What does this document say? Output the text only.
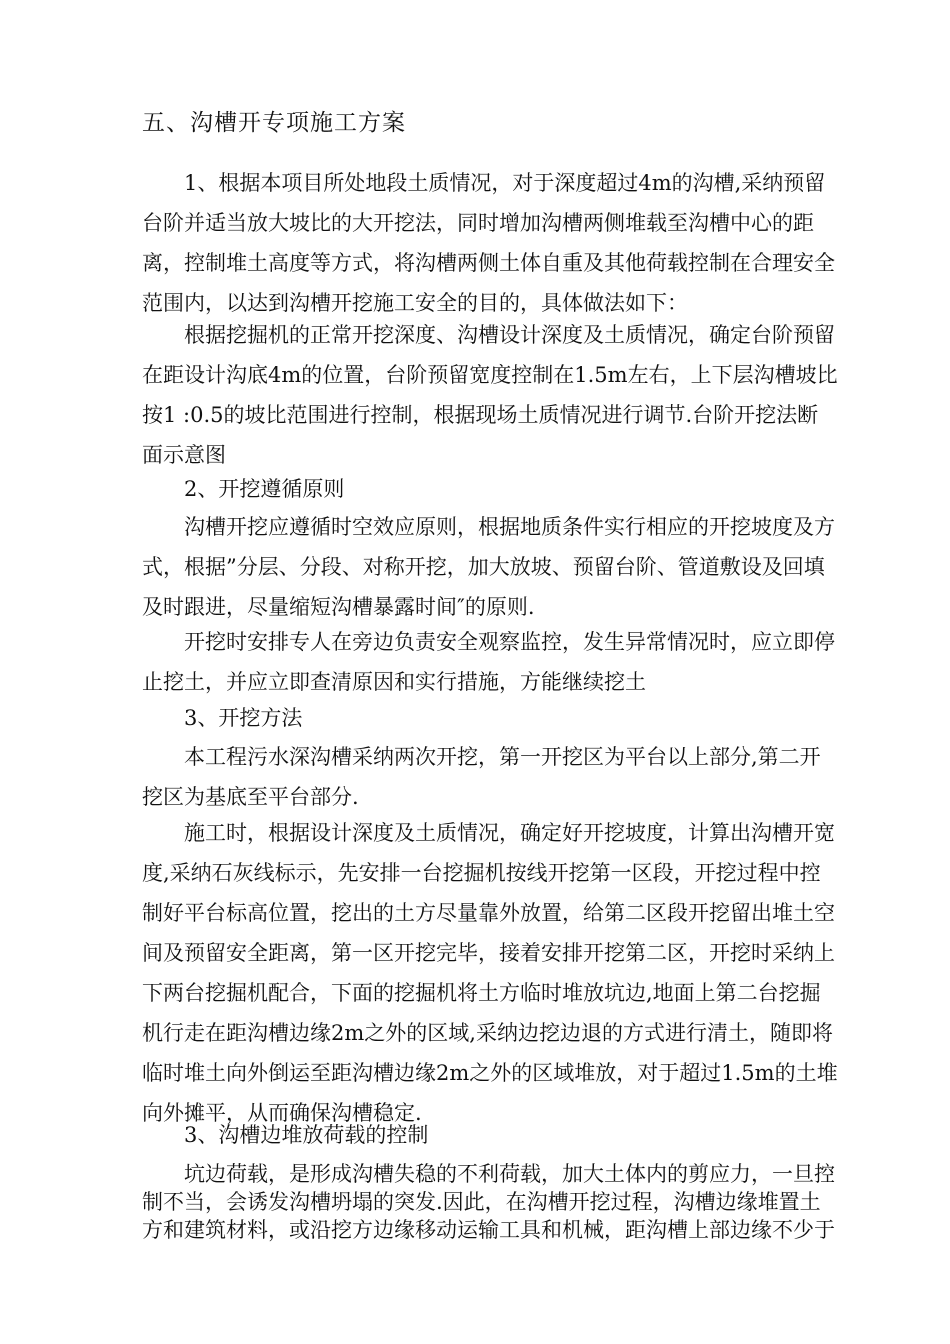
五、沟槽开专项施工方案
1、根据本项目所处地段土质情况，对于深度超过4m的沟槽,采纳预留
台阶并适当放大坡比的大开挖法，同时增加沟槽两侧堆载至沟槽中心的距
离，控制堆土高度等方式，将沟槽两侧土体自重及其他荷载控制在合理安全
范围内，以达到沟槽开挖施工安全的目的，具体做法如下：
根据挖掘机的正常开挖深度、沟槽设计深度及土质情况，确定台阶预留
在距设计沟底4m的位置，台阶预留宽度控制在1.5m左右，上下层沟槽坡比
按1 :0.5的坡比范围进行控制，根据现场土质情况进行调节.台阶开挖法断
面示意图
2、开挖遵循原则
沟槽开挖应遵循时空效应原则，根据地质条件实行相应的开挖坡度及方
式，根据”分层、分段、对称开挖，加大放坡、预留台阶、管道敷设及回填
及时跟进，尽量缩短沟槽暴露时间″的原则.
开挖时安排专人在旁边负责安全观察监控，发生异常情况时，应立即停
止挖土，并应立即查清原因和实行措施，方能继续挖土
3、开挖方法
本工程污水深沟槽采纳两次开挖，第一开挖区为平台以上部分,第二开
挖区为基底至平台部分.
施工时，根据设计深度及土质情况，确定好开挖坡度，计算出沟槽开宽
度,采纳石灰线标示，先安排一台挖掘机按线开挖第一区段，开挖过程中控
制好平台标高位置，挖出的土方尽量靠外放置，给第二区段开挖留出堆土空
间及预留安全距离，第一区开挖完毕，接着安排开挖第二区，开挖时采纳上
下两台挖掘机配合，下面的挖掘机将土方临时堆放坑边,地面上第二台挖掘
机行走在距沟槽边缘2m之外的区域,采纳边挖边退的方式进行清土，随即将
临时堆土向外倒运至距沟槽边缘2m之外的区域堆放，对于超过1.5m的土堆
向外摊平，从而确保沟槽稳定.
3、沟槽边堆放荷载的控制
坑边荷载，是形成沟槽失稳的不利荷载，加大土体内的剪应力，一旦控
制不当，会诱发沟槽坍塌的突发.因此，在沟槽开挖过程，沟槽边缘堆置土
方和建筑材料，或沿挖方边缘移动运输工具和机械，距沟槽上部边缘不少于
